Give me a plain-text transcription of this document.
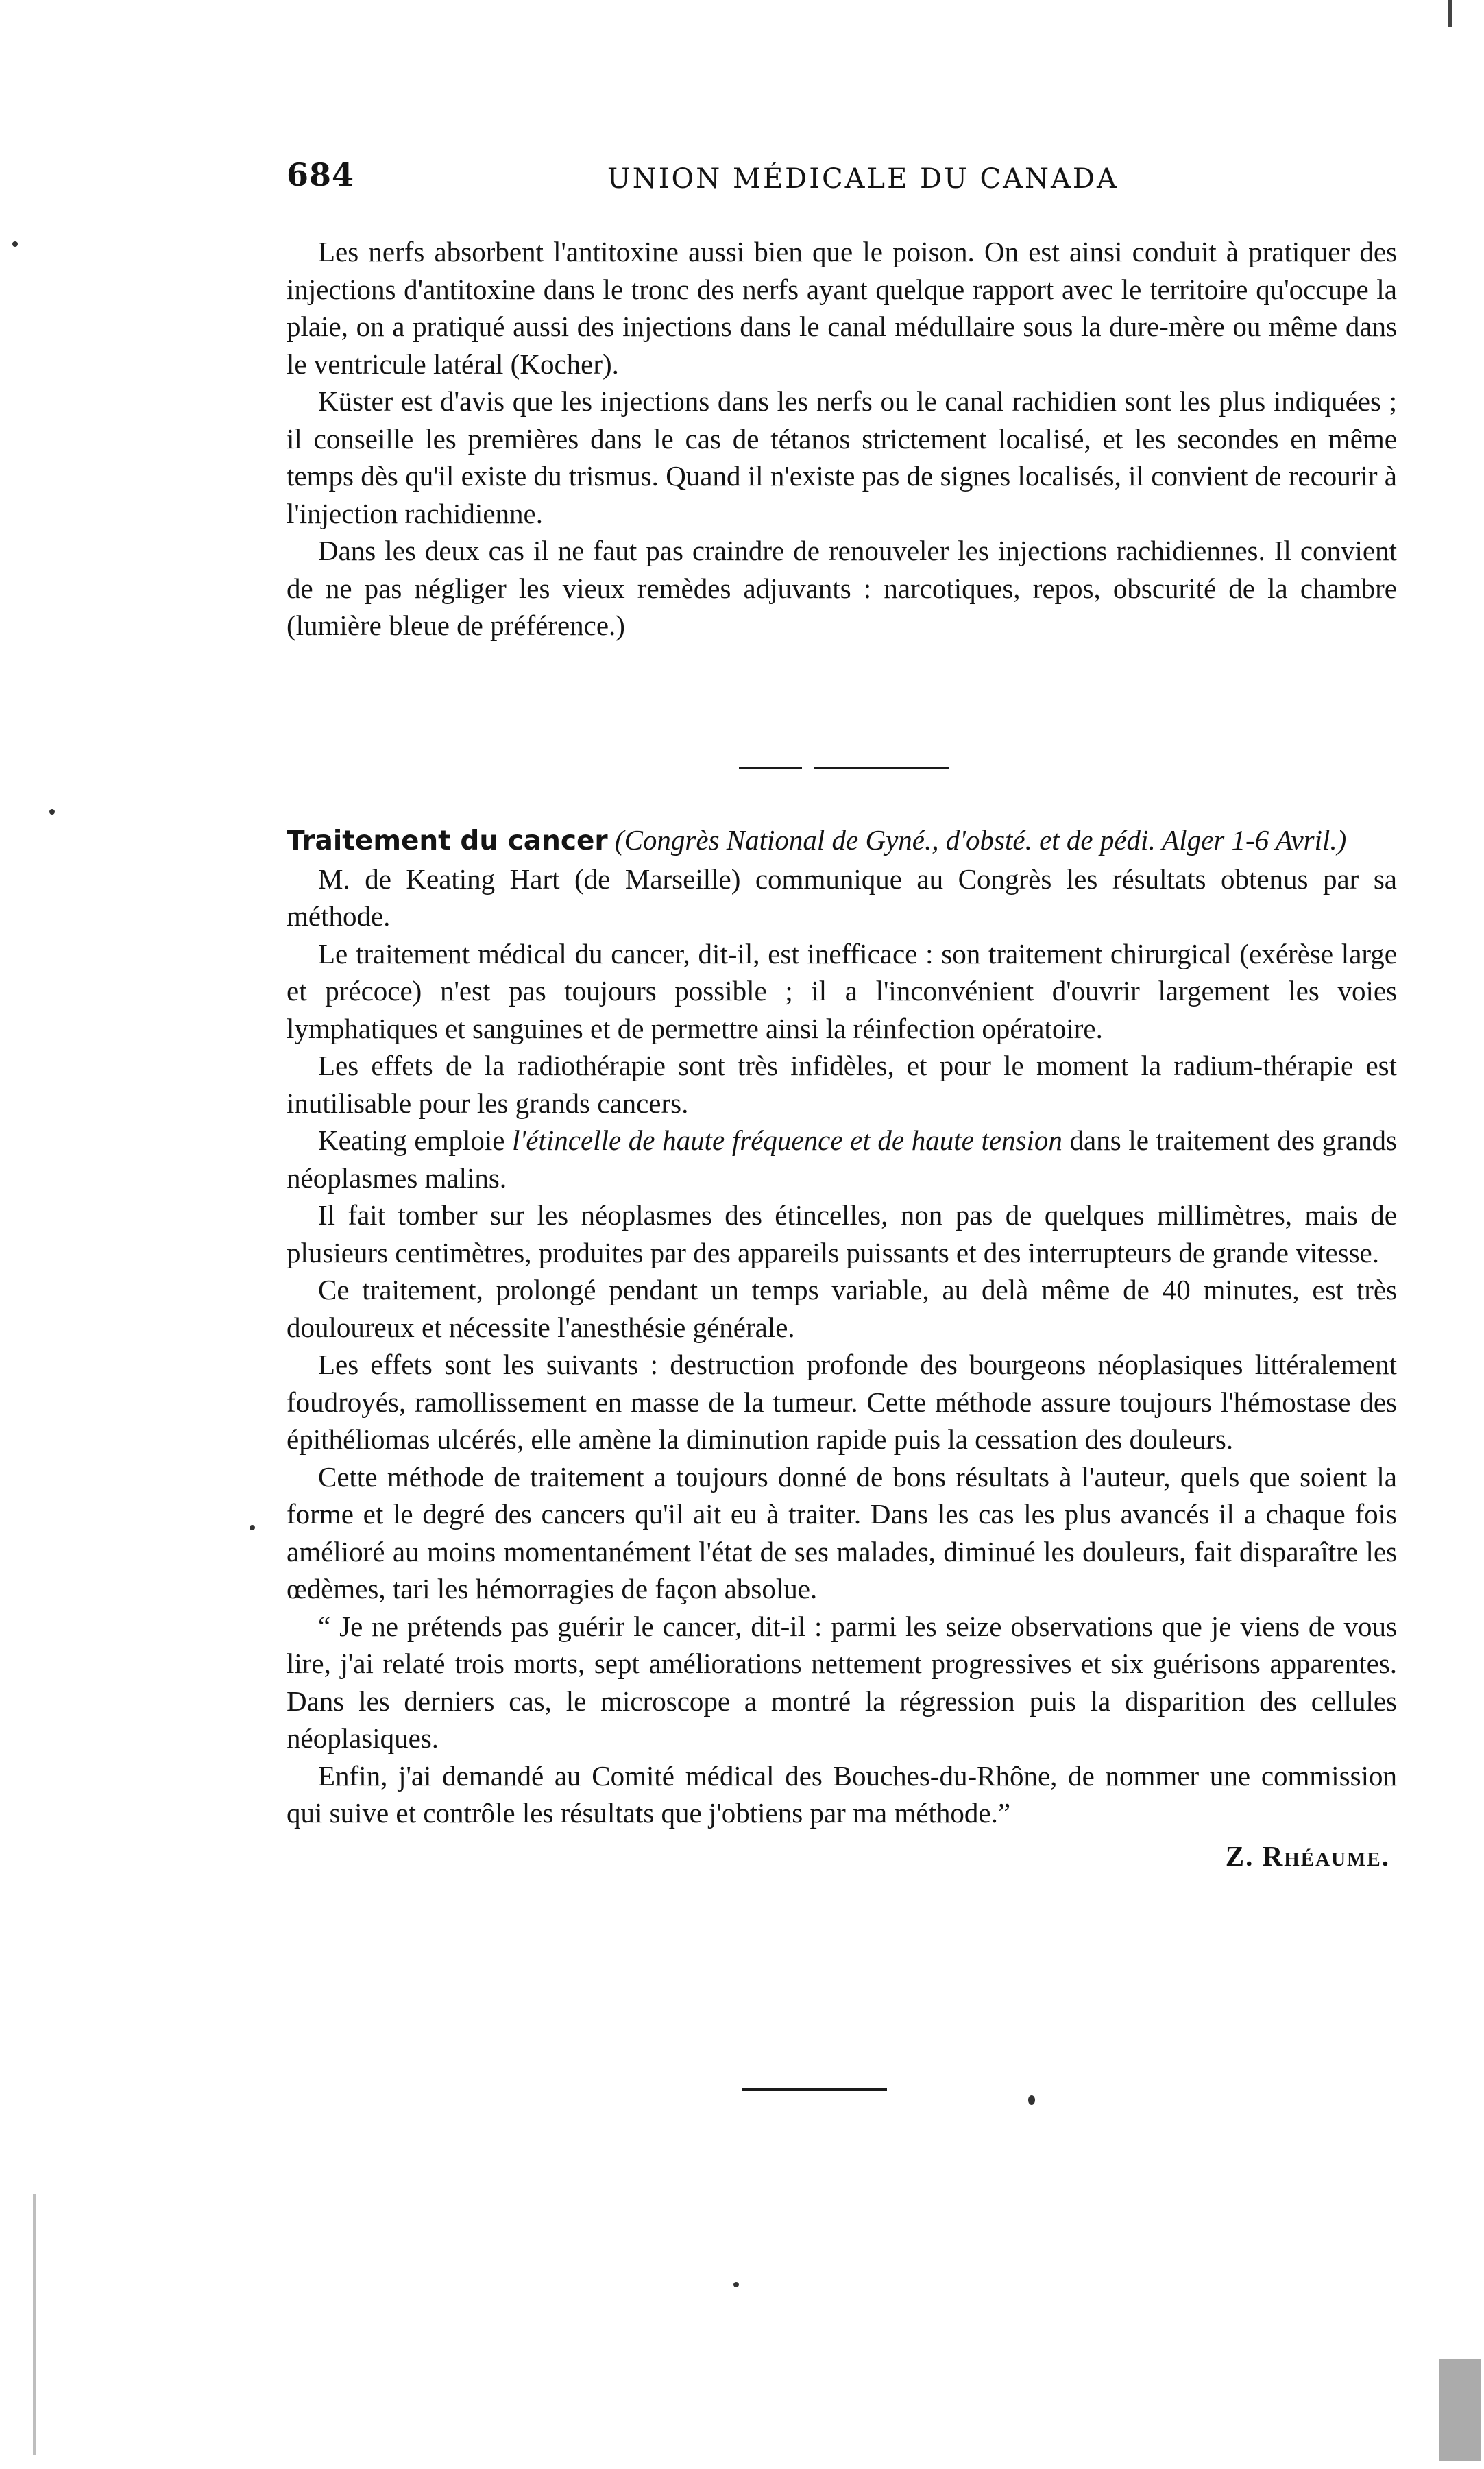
684	UNION MÉDICALE DU CANADA

Les nerfs absorbent l'antitoxine aussi bien que le poison. On est ainsi conduit à pratiquer des injections d'antitoxine dans le tronc des nerfs ayant quelque rapport avec le territoire qu'occupe la plaie, on a pratiqué aussi des injections dans le canal médullaire sous la dure-mère ou même dans le ventricule latéral (Kocher).

Küster est d'avis que les injections dans les nerfs ou le canal rachidien sont les plus indiquées ; il conseille les premières dans le cas de tétanos strictement localisé, et les secondes en même temps dès qu'il existe du trismus. Quand il n'existe pas de signes localisés, il convient de recourir à l'injection rachidienne.

Dans les deux cas il ne faut pas craindre de renouveler les injections rachidiennes. Il convient de ne pas négliger les vieux remèdes adjuvants : narcotiques, repos, obscurité de la chambre (lumière bleue de préférence.)

Traitement du cancer (Congrès National de Gyné., d'obsté. et de pédi. Alger 1-6 Avril.)

M. de Keating Hart (de Marseille) communique au Congrès les résultats obtenus par sa méthode.

Le traitement médical du cancer, dit-il, est inefficace : son traitement chirurgical (exérèse large et précoce) n'est pas toujours possible ; il a l'inconvénient d'ouvrir largement les voies lymphatiques et sanguines et de permettre ainsi la réinfection opératoire.

Les effets de la radiothérapie sont très infidèles, et pour le moment la radium-thérapie est inutilisable pour les grands cancers.

Keating emploie l'étincelle de haute fréquence et de haute tension dans le traitement des grands néoplasmes malins.

Il fait tomber sur les néoplasmes des étincelles, non pas de quelques millimètres, mais de plusieurs centimètres, produites par des appareils puissants et des interrupteurs de grande vitesse.

Ce traitement, prolongé pendant un temps variable, au delà même de 40 minutes, est très douloureux et nécessite l'anesthésie générale.

Les effets sont les suivants : destruction profonde des bourgeons néoplasiques littéralement foudroyés, ramollissement en masse de la tumeur. Cette méthode assure toujours l'hémostase des épithéliomas ulcérés, elle amène la diminution rapide puis la cessation des douleurs.

Cette méthode de traitement a toujours donné de bons résultats à l'auteur, quels que soient la forme et le degré des cancers qu'il ait eu à traiter. Dans les cas les plus avancés il a chaque fois amélioré au moins momentanément l'état de ses malades, diminué les douleurs, fait disparaître les œdèmes, tari les hémorragies de façon absolue.

“ Je ne prétends pas guérir le cancer, dit-il : parmi les seize observations que je viens de vous lire, j'ai relaté trois morts, sept améliorations nettement progressives et six guérisons apparentes. Dans les derniers cas, le microscope a montré la régression puis la disparition des cellules néoplasiques.

Enfin, j'ai demandé au Comité médical des Bouches-du-Rhône, de nommer une commission qui suive et contrôle les résultats que j'obtiens par ma méthode.”

Z. Rhéaume.
